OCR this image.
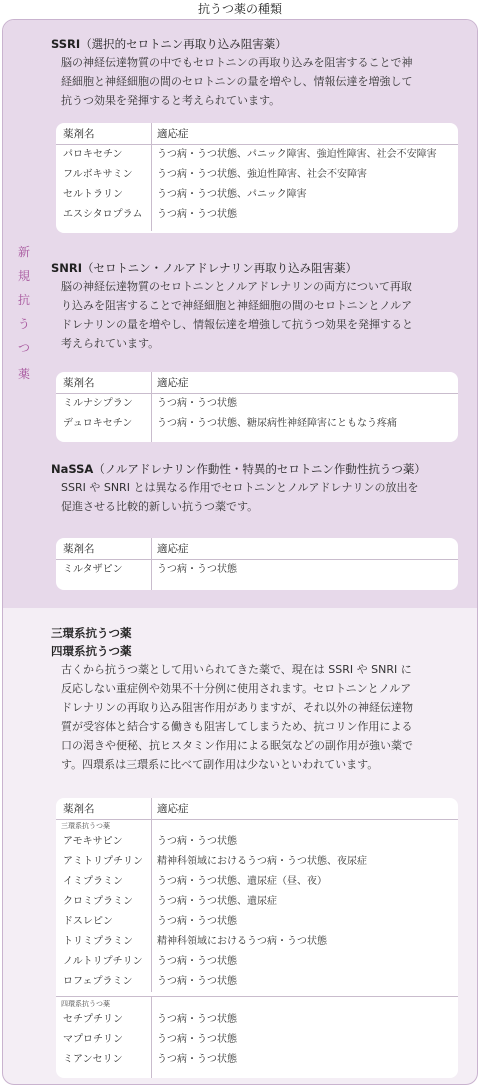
抗うつ薬の種類
新
規
抗
う
つ
薬
SSRI（選択的セロトニン再取り込み阻害薬）
脳の神経伝達物質の中でもセロトニンの再取り込みを阻害することで神
経細胞と神経細胞の間のセロトニンの量を増やし、情報伝達を増強して
抗うつ効果を発揮すると考えられています。
薬剤名	適応症
パロキセチン	うつ病・うつ状態、パニック障害、強迫性障害、社会不安障害
フルボキサミン	うつ病・うつ状態、強迫性障害、社会不安障害
セルトラリン	うつ病・うつ状態、パニック障害
エスシタロプラム	うつ病・うつ状態
SNRI（セロトニン・ノルアドレナリン再取り込み阻害薬）
脳の神経伝達物質のセロトニンとノルアドレナリンの両方について再取
り込みを阻害することで神経細胞と神経細胞の間のセロトニンとノルア
ドレナリンの量を増やし、情報伝達を増強して抗うつ効果を発揮すると
考えられています。
薬剤名	適応症
ミルナシプラン	うつ病・うつ状態
デュロキセチン	うつ病・うつ状態、糖尿病性神経障害にともなう疼痛
NaSSA（ノルアドレナリン作動性・特異的セロトニン作動性抗うつ薬）
SSRI や SNRI とは異なる作用でセロトニンとノルアドレナリンの放出を
促進させる比較的新しい抗うつ薬です。
薬剤名	適応症
ミルタザピン	うつ病・うつ状態
三環系抗うつ薬
四環系抗うつ薬
古くから抗うつ薬として用いられてきた薬で、現在は SSRI や SNRI に
反応しない重症例や効果不十分例に使用されます。セロトニンとノルア
ドレナリンの再取り込み阻害作用がありますが、それ以外の神経伝達物
質が受容体と結合する働きも阻害してしまうため、抗コリン作用による
口の渇きや便秘、抗ヒスタミン作用による眠気などの副作用が強い薬で
す。四環系は三環系に比べて副作用は少ないといわれています。
薬剤名	適応症
三環系抗うつ薬
アモキサピン	うつ病・うつ状態
アミトリプチリン	精神科領域におけるうつ病・うつ状態、夜尿症
イミプラミン	うつ病・うつ状態、遺尿症（昼、夜）
クロミプラミン	うつ病・うつ状態、遺尿症
ドスレピン	うつ病・うつ状態
トリミプラミン	精神科領域におけるうつ病・うつ状態
ノルトリプチリン	うつ病・うつ状態
ロフェプラミン	うつ病・うつ状態
四環系抗うつ薬
セチプチリン	うつ病・うつ状態
マプロチリン	うつ病・うつ状態
ミアンセリン	うつ病・うつ状態
